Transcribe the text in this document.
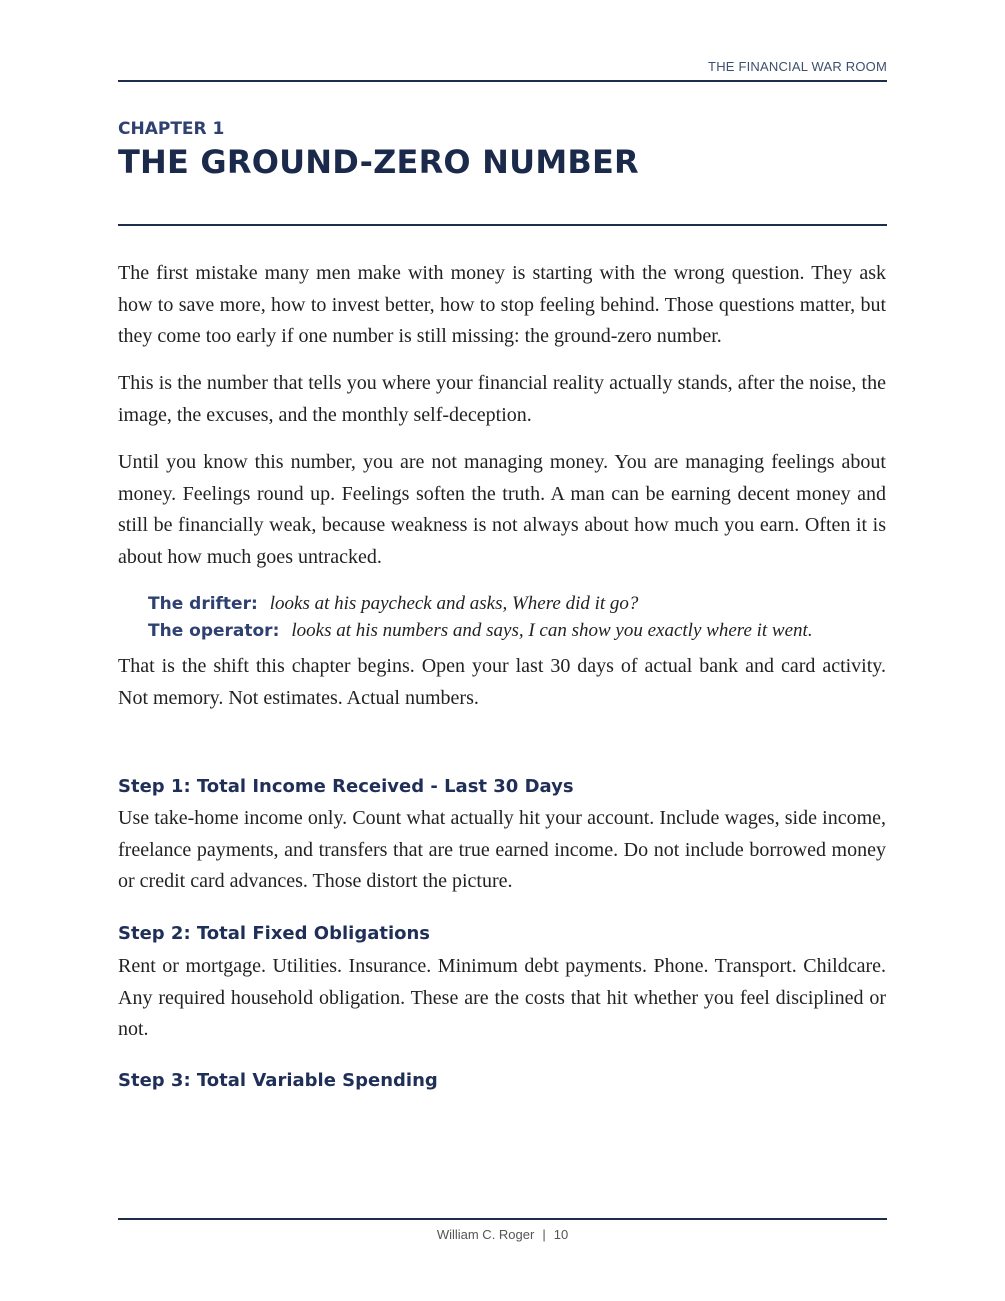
THE FINANCIAL WAR ROOM
CHAPTER 1
THE GROUND-ZERO NUMBER

The first mistake many men make with money is starting with the wrong question. They ask how to save more, how to invest better, how to stop feeling behind. Those questions matter, but they come too early if one number is still missing: the ground-zero number.

This is the number that tells you where your financial reality actually stands, after the noise, the image, the excuses, and the monthly self-deception.

Until you know this number, you are not managing money. You are managing feelings about money. Feelings round up. Feelings soften the truth. A man can be earning decent money and still be financially weak, because weakness is not always about how much you earn. Often it is about how much goes untracked.

The drifter: looks at his paycheck and asks, Where did it go?
The operator: looks at his numbers and says, I can show you exactly where it went.

That is the shift this chapter begins. Open your last 30 days of actual bank and card activity. Not memory. Not estimates. Actual numbers.

Step 1: Total Income Received - Last 30 Days

Use take-home income only. Count what actually hit your account. Include wages, side income, freelance payments, and transfers that are true earned income. Do not include borrowed money or credit card advances. Those distort the picture.

Step 2: Total Fixed Obligations

Rent or mortgage. Utilities. Insurance. Minimum debt payments. Phone. Transport. Childcare. Any required household obligation. These are the costs that hit whether you feel disciplined or not.

Step 3: Total Variable Spending
William C. Roger | 10
